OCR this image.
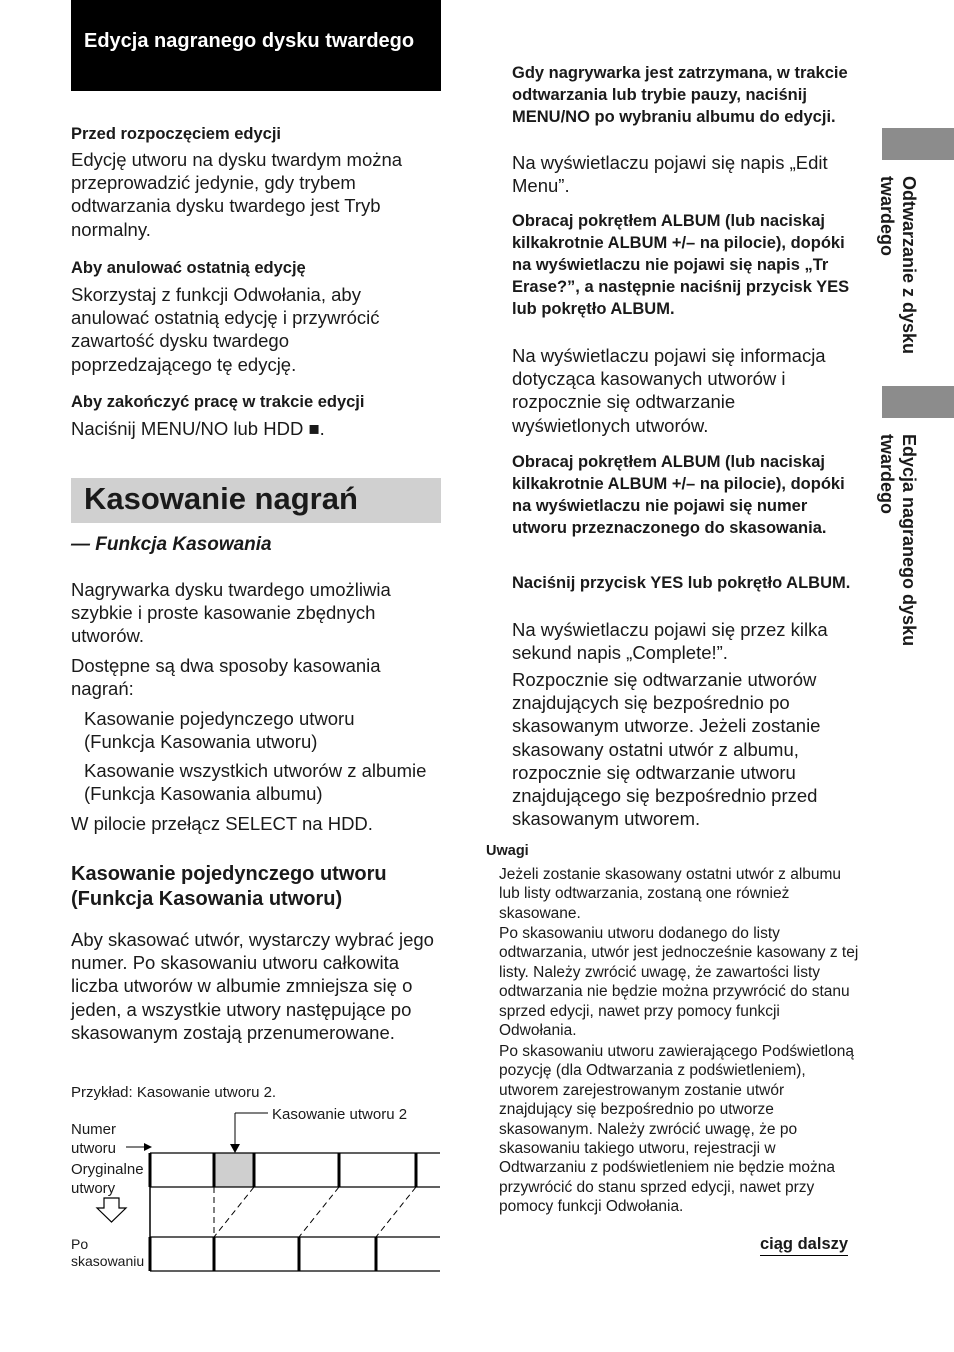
Edycja nagranego dysku twardego
Przed rozpoczęciem edycji
Edycję utworu na dysku twardym można przeprowadzić jedynie, gdy trybem odtwarzania dysku twardego jest Tryb normalny.
Aby anulować ostatnią edycję
Skorzystaj z funkcji Odwołania, aby anulować ostatnią edycję i przywrócić zawartość dysku twardego poprzedzającego tę edycję.
Aby zakończyć pracę w trakcie edycji
Naciśnij MENU/NO lub HDD ■.
Kasowanie nagrań
— Funkcja Kasowania
Nagrywarka dysku twardego umożliwia szybkie i proste kasowanie zbędnych utworów.
Dostępne są dwa sposoby kasowania nagrań:
Kasowanie pojedynczego utworu (Funkcja Kasowania utworu)
Kasowanie wszystkich utworów z albumie (Funkcja Kasowania albumu)
W pilocie przełącz SELECT na HDD.
Kasowanie pojedynczego utworu (Funkcja Kasowania utworu)
Aby skasować utwór, wystarczy wybrać jego numer. Po skasowaniu utworu całkowita liczba utworów w albumie zmniejsza się o jeden, a wszystkie utwory następujące po skasowanym zostają przenumerowane.
Przykład: Kasowanie utworu 2.
Kasowanie utworu 2
Numer
utworu
Oryginalne
utwory
Po
skasowaniu
Gdy nagrywarka jest zatrzymana, w trakcie odtwarzania lub trybie pauzy, naciśnij MENU/NO po wybraniu albumu do edycji.
Na wyświetlaczu pojawi się napis „Edit Menu”.
Obracaj pokrętłem ALBUM (lub naciskaj kilkakrotnie ALBUM +/– na pilocie), dopóki na wyświetlaczu nie pojawi się napis „Tr Erase?”, a następnie naciśnij przycisk YES lub pokrętło ALBUM.
Na wyświetlaczu pojawi się informacja dotycząca kasowanych utworów i rozpocznie się odtwarzanie wyświetlonych utworów.
Obracaj pokrętłem ALBUM (lub naciskaj kilkakrotnie ALBUM +/– na pilocie), dopóki na wyświetlaczu nie pojawi się numer utworu przeznaczonego do skasowania.
Naciśnij przycisk YES lub pokrętło ALBUM.
Na wyświetlaczu pojawi się przez kilka sekund napis „Complete!”.
Rozpocznie się odtwarzanie utworów znajdujących się bezpośrednio po skasowanym utworze. Jeżeli zostanie skasowany ostatni utwór z albumu, rozpocznie się odtwarzanie utworu znajdującego się bezpośrednio przed skasowanym utworem.
Uwagi
Jeżeli zostanie skasowany ostatni utwór z albumu lub listy odtwarzania, zostaną one również skasowane.
Po skasowaniu utworu dodanego do listy odtwarzania, utwór jest jednocześnie kasowany z tej listy. Należy zwrócić uwagę, że zawartości listy odtwarzania nie będzie można przywrócić do stanu sprzed edycji, nawet przy pomocy funkcji Odwołania.
Po skasowaniu utworu zawierającego Podświetloną pozycję (dla Odtwarzania z podświetleniem), utworem zarejestrowanym zostanie utwór znajdujący się bezpośrednio po utworze skasowanym. Należy zwrócić uwagę, że po skasowaniu takiego utworu, rejestracji w Odtwarzaniu z podświetleniem nie będzie można przywrócić do stanu sprzed edycji, nawet przy pomocy funkcji Odwołania.
ciąg dalszy
Odtwarzanie z dysku twardego
Edycja nagranego dysku twardego
